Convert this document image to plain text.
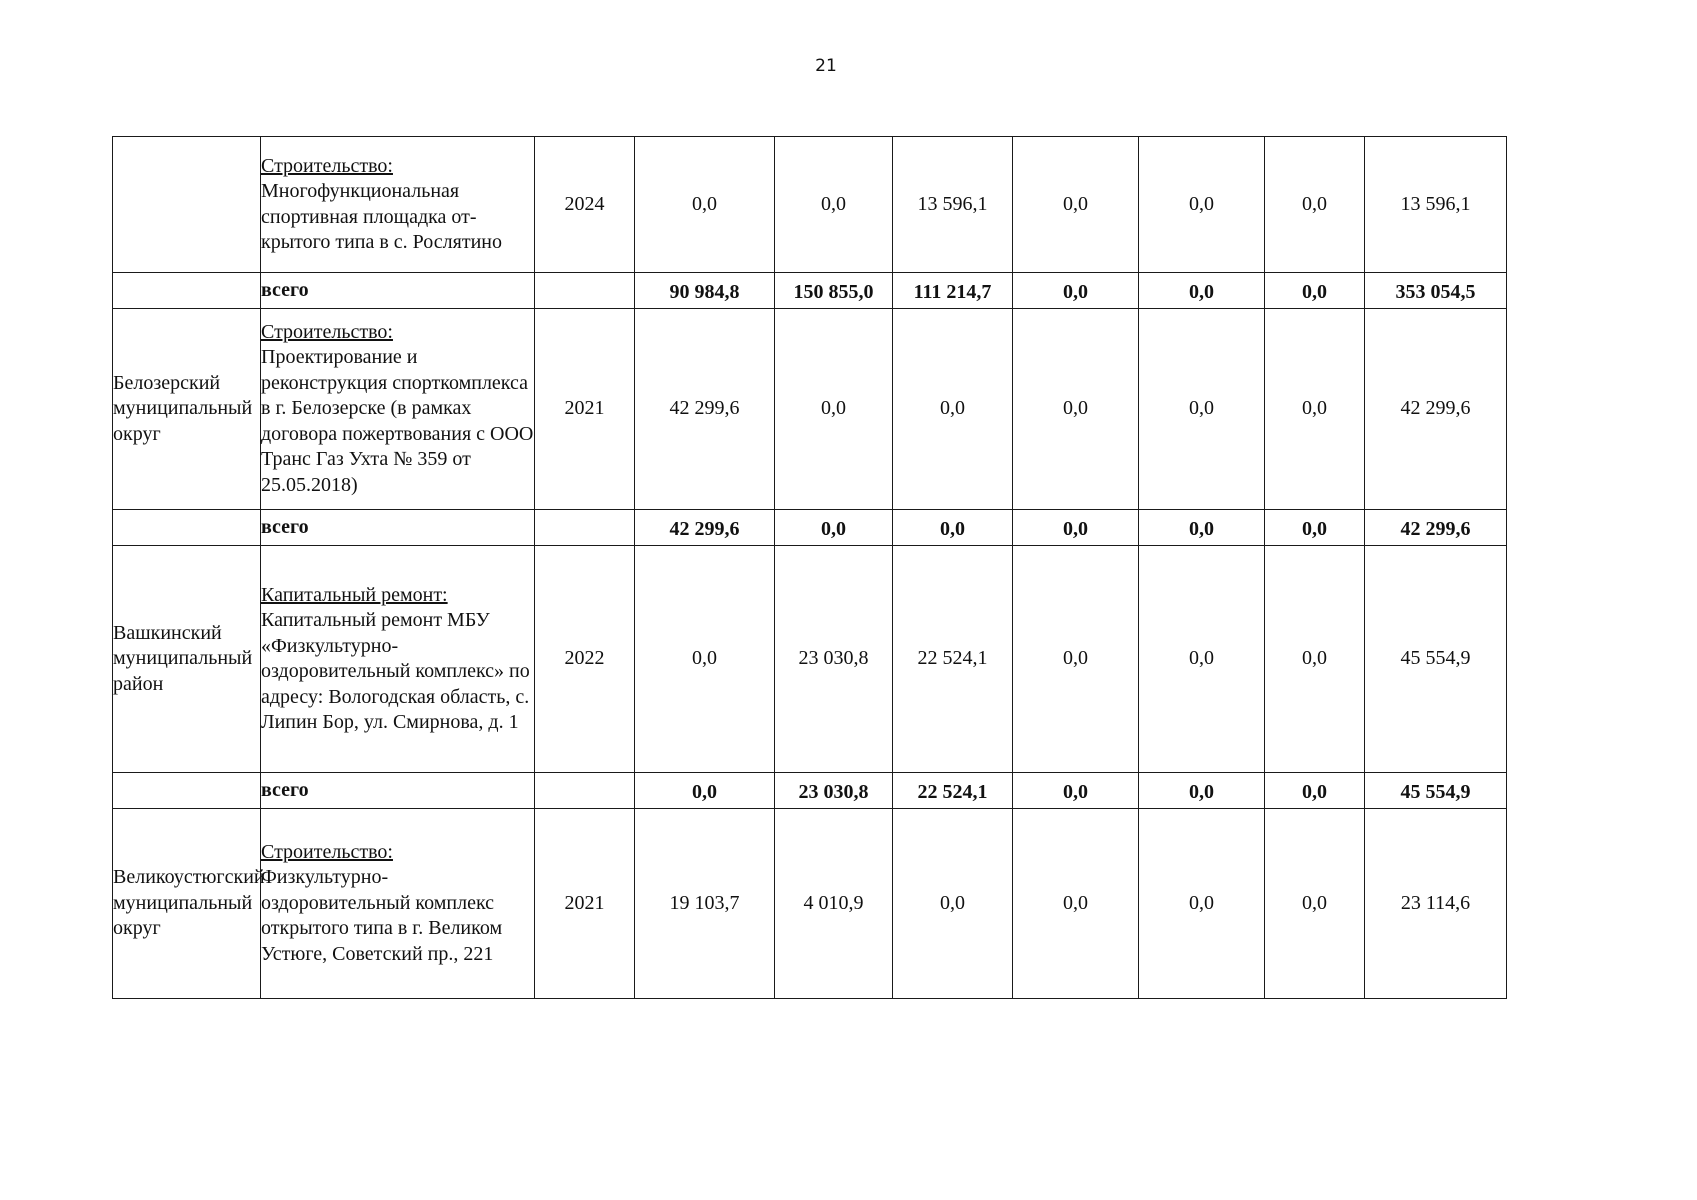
21
	Строительство:
Многофункциональная спортивная площадка открытого типа в с. Рослятино	2024	0,0	0,0	13 596,1	0,0	0,0	0,0	13 596,1
	всего		90 984,8	150 855,0	111 214,7	0,0	0,0	0,0	353 054,5
Белозерский муниципальный округ	Строительство:
Проектирование и реконструкция спорткомплекса в г. Белозерске (в рамках договора пожертвования с ООО Транс Газ Ухта № 359 от 25.05.2018)	2021	42 299,6	0,0	0,0	0,0	0,0	0,0	42 299,6
	всего		42 299,6	0,0	0,0	0,0	0,0	0,0	42 299,6
Вашкинский муниципальный район	Капитальный ремонт:
Капитальный ремонт МБУ «Физкультурно-оздоровительный комплекс» по адресу: Вологодская область, с. Липин Бор, ул. Смирнова, д. 1	2022	0,0	23 030,8	22 524,1	0,0	0,0	0,0	45 554,9
	всего		0,0	23 030,8	22 524,1	0,0	0,0	0,0	45 554,9
Великоустюгский муниципальный округ	Строительство:
Физкультурно-оздоровительный комплекс открытого типа в г. Великом Устюге, Советский пр., 221	2021	19 103,7	4 010,9	0,0	0,0	0,0	0,0	23 114,6
